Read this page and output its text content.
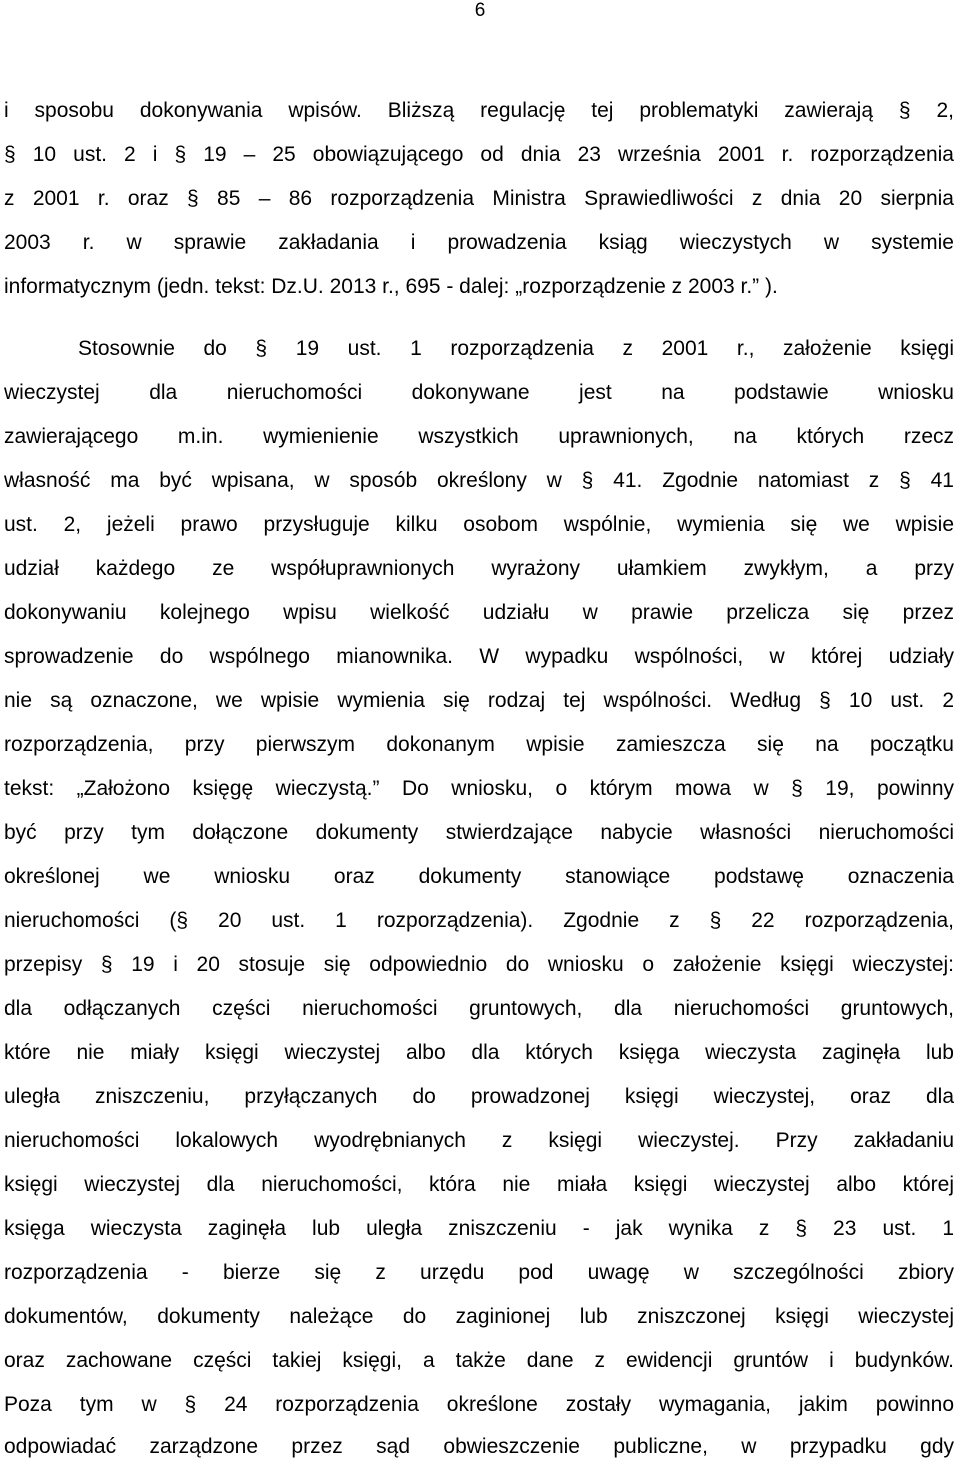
6
i sposobu dokonywania wpisów. Bliższą regulację tej problematyki zawierają § 2,
§ 10 ust. 2 i § 19 – 25 obowiązującego od dnia 23 września 2001 r. rozporządzenia
z 2001 r. oraz § 85 – 86 rozporządzenia Ministra Sprawiedliwości z dnia 20 sierpnia
2003 r. w sprawie zakładania i prowadzenia ksiąg wieczystych w systemie
informatycznym (jedn. tekst: Dz.U. 2013 r., 695 - dalej: „rozporządzenie z 2003 r.” ).
Stosownie do § 19 ust. 1 rozporządzenia z 2001 r., założenie księgi
wieczystej dla nieruchomości dokonywane jest na podstawie wniosku
zawierającego m.in. wymienienie wszystkich uprawnionych, na których rzecz
własność ma być wpisana, w sposób określony w § 41. Zgodnie natomiast z § 41
ust. 2, jeżeli prawo przysługuje kilku osobom wspólnie, wymienia się we wpisie
udział każdego ze współuprawnionych wyrażony ułamkiem zwykłym, a przy
dokonywaniu kolejnego wpisu wielkość udziału w prawie przelicza się przez
sprowadzenie do wspólnego mianownika. W wypadku wspólności, w której udziały
nie są oznaczone, we wpisie wymienia się rodzaj tej wspólności. Według § 10 ust. 2
rozporządzenia, przy pierwszym dokonanym wpisie zamieszcza się na początku
tekst: „Założono księgę wieczystą.” Do wniosku, o którym mowa w § 19, powinny
być przy tym dołączone dokumenty stwierdzające nabycie własności nieruchomości
określonej we wniosku oraz dokumenty stanowiące podstawę oznaczenia
nieruchomości (§ 20 ust. 1 rozporządzenia). Zgodnie z § 22 rozporządzenia,
przepisy § 19 i 20 stosuje się odpowiednio do wniosku o założenie księgi wieczystej:
dla odłączanych części nieruchomości gruntowych, dla nieruchomości gruntowych,
które nie miały księgi wieczystej albo dla których księga wieczysta zaginęła lub
uległa zniszczeniu, przyłączanych do prowadzonej księgi wieczystej, oraz dla
nieruchomości lokalowych wyodrębnianych z księgi wieczystej. Przy zakładaniu
księgi wieczystej dla nieruchomości, która nie miała księgi wieczystej albo której
księga wieczysta zaginęła lub uległa zniszczeniu - jak wynika z § 23 ust. 1
rozporządzenia - bierze się z urzędu pod uwagę w szczególności zbiory
dokumentów, dokumenty należące do zaginionej lub zniszczonej księgi wieczystej
oraz zachowane części takiej księgi, a także dane z ewidencji gruntów i budynków.
Poza tym w § 24 rozporządzenia określone zostały wymagania, jakim powinno
odpowiadać zarządzone przez sąd obwieszczenie publiczne, w przypadku gdy
